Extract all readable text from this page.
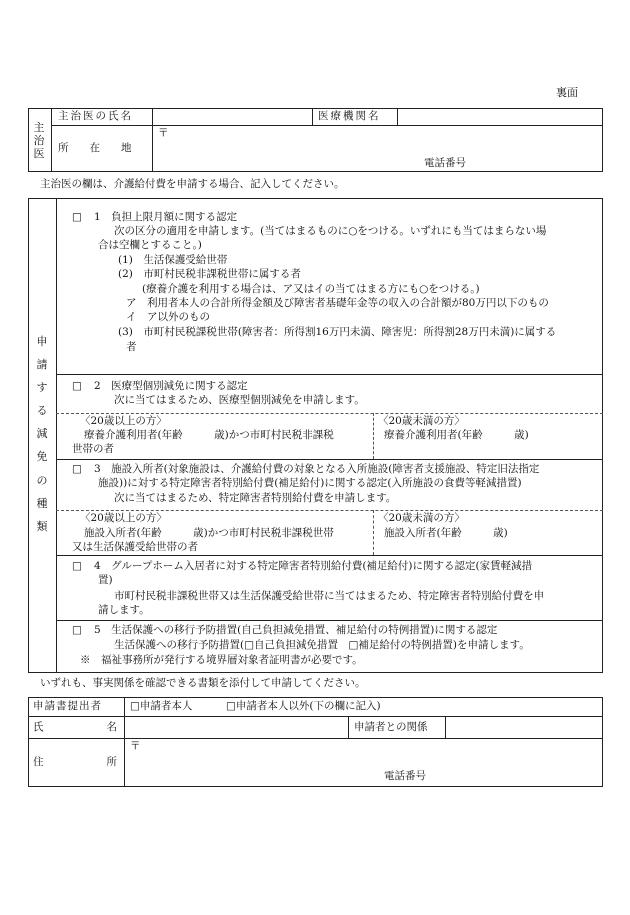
裏面
主
治
医
主治医の氏名	医療機関名
所　　在　　地
〒
電話番号
主治医の欄は、介護給付費を申請する場合、記入してください。
申
請
す
る
減
免
の
種
類
□ 1　負担上限月額に関する認定
次の区分の適用を申請します。(当てはまるものに○をつける。いずれにも当てはまらない場
合は空欄とすること。)
(1)　生活保護受給世帯
(2)　市町村民税非課税世帯に属する者
(療養介護を利用する場合は、ア又はイの当てはまる方にも○をつける。)
ア　利用者本人の合計所得金額及び障害者基礎年金等の収入の合計額が80万円以下のもの
イ　ア以外のもの
(3)　市町村民税課税世帯(障害者：所得割16万円未満、障害児：所得割28万円未満)に属する
者
□ 2　医療型個別減免に関する認定
次に当てはまるため、医療型個別減免を申請します。
〈20歳以上の方〉
療養介護利用者(年齢　　　歳)かつ市町村民税非課税
世帯の者
〈20歳未満の方〉
療養介護利用者(年齢　　　歳)
□ 3　施設入所者(対象施設は、介護給付費の対象となる入所施設(障害者支援施設、特定旧法指定
施設))に対する特定障害者特別給付費(補足給付)に関する認定(入所施設の食費等軽減措置)
次に当てはまるため、特定障害者特別給付費を申請します。
〈20歳以上の方〉
施設入所者(年齢　　　歳)かつ市町村民税非課税世帯
又は生活保護受給世帯の者
〈20歳未満の方〉
施設入所者(年齢　　　歳)
□ 4　グループホーム入居者に対する特定障害者特別給付費(補足給付)に関する認定(家賃軽減措
置)
市町村民税非課税世帯又は生活保護受給世帯に当てはまるため、特定障害者特別給付費を申
請します。
□ 5　生活保護への移行予防措置(自己負担減免措置、補足給付の特例措置)に関する認定
生活保護への移行予防措置(□自己負担減免措置　□補足給付の特例措置)を申請します。
※　福祉事務所が発行する境界層対象者証明書が必要です。
いずれも、事実関係を確認できる書類を添付して申請してください。
申請書提出者	□申請者本人	□申請者本人以外(下の欄に記入)
氏　　　　　　名	申請者との関係
住　　　　　　所
〒
電話番号
